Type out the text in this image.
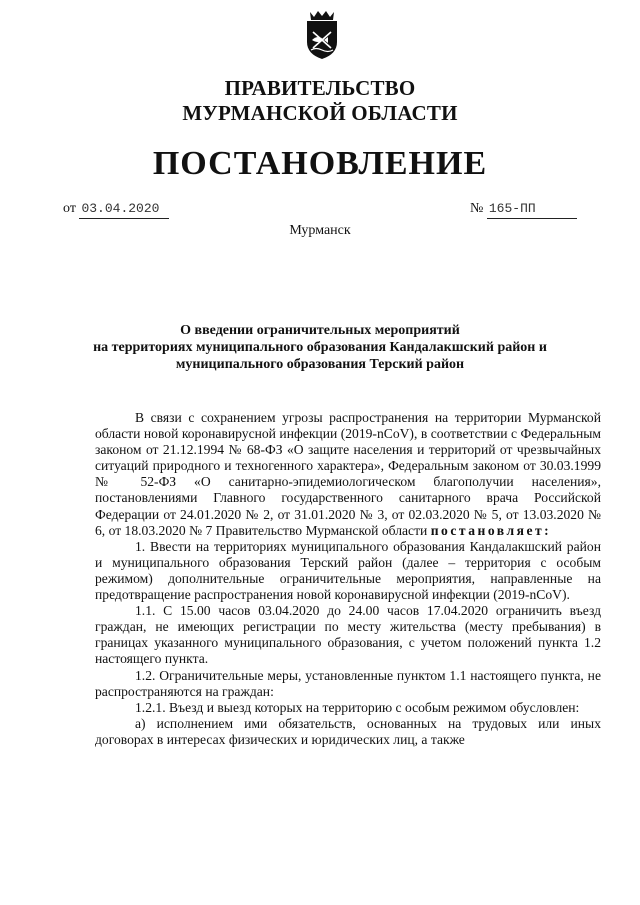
ПРАВИТЕЛЬСТВО
МУРМАНСКОЙ ОБЛАСТИ
ПОСТАНОВЛЕНИЕ
от 03.04.2020	№ 165-ПП
Мурманск
О введении ограничительных мероприятий
на территориях муниципального образования Кандалакшский район и
муниципального образования Терский район

В связи с сохранением угрозы распространения на территории Мурманской области новой коронавирусной инфекции (2019-nCoV), в соответствии с Федеральным законом от 21.12.1994 № 68-ФЗ «О защите населения и территорий от чрезвычайных ситуаций природного и техногенного характера», Федеральным законом от 30.03.1999 № 52-ФЗ «О санитарно-эпидемиологическом благополучии населения», постановлениями Главного государственного санитарного врача Российской Федерации от 24.01.2020 № 2, от 31.01.2020 № 3, от 02.03.2020 № 5, от 13.03.2020 № 6, от 18.03.2020 № 7 Правительство Мурманской области постановляет:

1. Ввести на территориях муниципального образования Кандалакшский район и муниципального образования Терский район (далее – территория с особым режимом) дополнительные ограничительные мероприятия, направленные на предотвращение распространения новой коронавирусной инфекции (2019-nCoV).

1.1. С 15.00 часов 03.04.2020 до 24.00 часов 17.04.2020 ограничить въезд граждан, не имеющих регистрации по месту жительства (месту пребывания) в границах указанного муниципального образования, с учетом положений пункта 1.2 настоящего пункта.

1.2. Ограничительные меры, установленные пунктом 1.1 настоящего пункта, не распространяются на граждан:

1.2.1. Въезд и выезд которых на территорию с особым режимом обусловлен:

а) исполнением ими обязательств, основанных на трудовых или иных договорах в интересах физических и юридических лиц, а также
